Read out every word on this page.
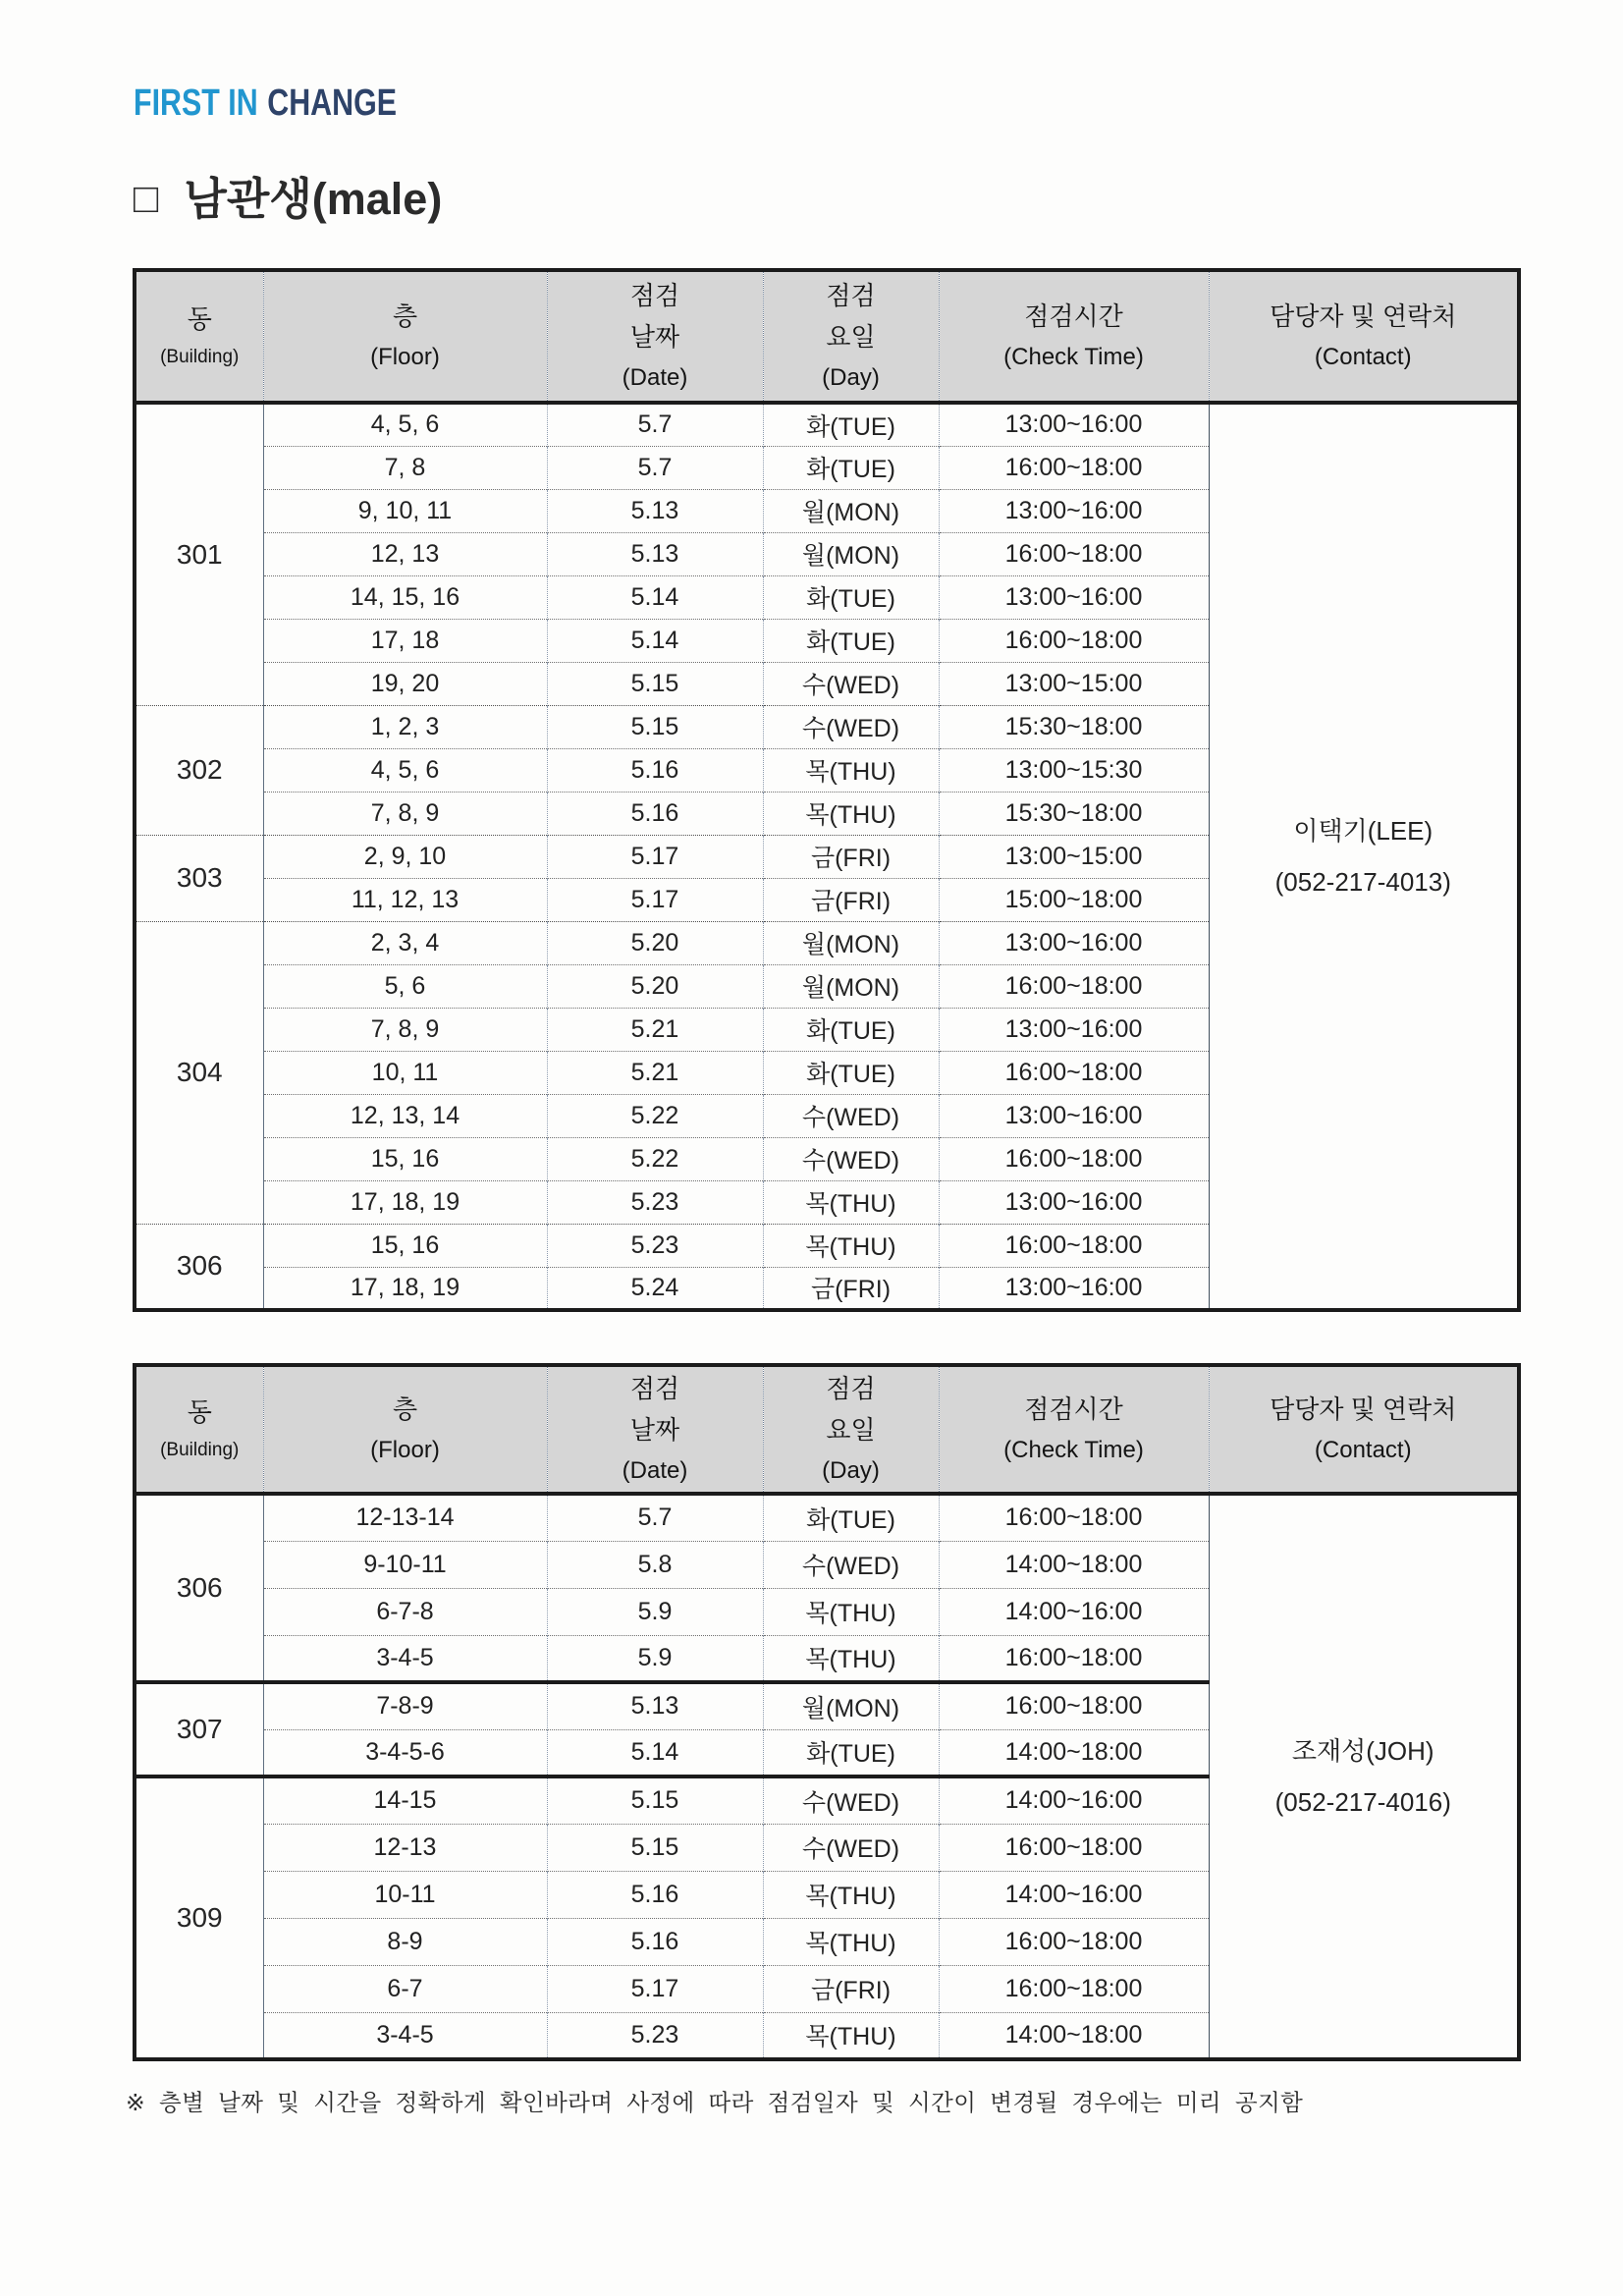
FIRST IN CHANGE
□ 남관생(male)
동
(Building)

층
(Floor)

점검
날짜
(Date)

점검
요일
(Day)

점검시간
(Check Time)

담당자 및 연락처
(Contact)

301	4, 5, 6	5.7	화(TUE)	13:00~16:00	이택기(LEE)
(052-217-4013)

	7, 8	5.7	화(TUE)	16:00~18:00	
	9, 10, 11	5.13	월(MON)	13:00~16:00	
	12, 13	5.13	월(MON)	16:00~18:00	
	14, 15, 16	5.14	화(TUE)	13:00~16:00	
	17, 18	5.14	화(TUE)	16:00~18:00	
	19, 20	5.15	수(WED)	13:00~15:00	
302	1, 2, 3	5.15	수(WED)	15:30~18:00	
	4, 5, 6	5.16	목(THU)	13:00~15:30	
	7, 8, 9	5.16	목(THU)	15:30~18:00	
303	2, 9, 10	5.17	금(FRI)	13:00~15:00	
	11, 12, 13	5.17	금(FRI)	15:00~18:00	
304	2, 3, 4	5.20	월(MON)	13:00~16:00	
	5, 6	5.20	월(MON)	16:00~18:00	
	7, 8, 9	5.21	화(TUE)	13:00~16:00	
	10, 11	5.21	화(TUE)	16:00~18:00	
	12, 13, 14	5.22	수(WED)	13:00~16:00	
	15, 16	5.22	수(WED)	16:00~18:00	
	17, 18, 19	5.23	목(THU)	13:00~16:00	
306	15, 16	5.23	목(THU)	16:00~18:00	
	17, 18, 19	5.24	금(FRI)	13:00~16:00	
동
(Building)

층
(Floor)

점검
날짜
(Date)

점검
요일
(Day)

점검시간
(Check Time)

담당자 및 연락처
(Contact)

306	12-13-14	5.7	화(TUE)	16:00~18:00	조재성(JOH)
(052-217-4016)

	9-10-11	5.8	수(WED)	14:00~18:00	
	6-7-8	5.9	목(THU)	14:00~16:00	
	3-4-5	5.9	목(THU)	16:00~18:00	
307	7-8-9	5.13	월(MON)	16:00~18:00	
	3-4-5-6	5.14	화(TUE)	14:00~18:00	
309	14-15	5.15	수(WED)	14:00~16:00	
	12-13	5.15	수(WED)	16:00~18:00	
	10-11	5.16	목(THU)	14:00~16:00	
	8-9	5.16	목(THU)	16:00~18:00	
	6-7	5.17	금(FRI)	16:00~18:00	
	3-4-5	5.23	목(THU)	14:00~18:00	
※ 층별 날짜 및 시간을 정확하게 확인바라며 사정에 따라 점검일자 및 시간이 변경될 경우에는 미리 공지함
